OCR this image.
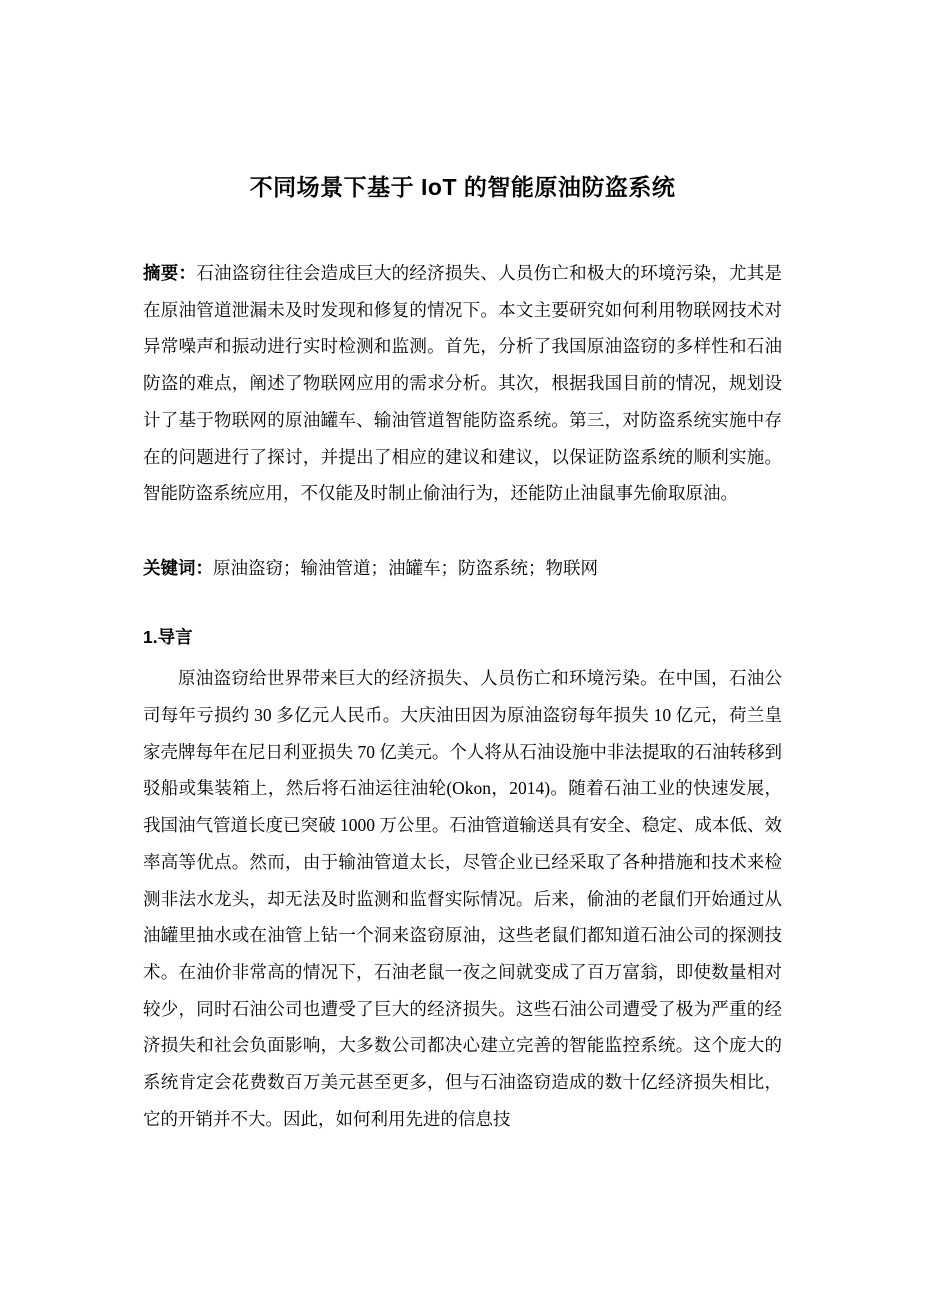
不同场景下基于 IoT 的智能原油防盗系统

摘要：石油盗窃往往会造成巨大的经济损失、人员伤亡和极大的环境污染，尤其是在原油管道泄漏未及时发现和修复的情况下。本文主要研究如何利用物联网技术对异常噪声和振动进行实时检测和监测。首先，分析了我国原油盗窃的多样性和石油防盗的难点，阐述了物联网应用的需求分析。其次，根据我国目前的情况，规划设计了基于物联网的原油罐车、输油管道智能防盗系统。第三，对防盗系统实施中存在的问题进行了探讨，并提出了相应的建议和建议，以保证防盗系统的顺利实施。智能防盗系统应用，不仅能及时制止偷油行为，还能防止油鼠事先偷取原油。

关键词：原油盗窃；输油管道；油罐车；防盗系统；物联网

1.导言

原油盗窃给世界带来巨大的经济损失、人员伤亡和环境污染。在中国，石油公司每年亏损约 30 多亿元人民币。大庆油田因为原油盗窃每年损失 10 亿元，荷兰皇家壳牌每年在尼日利亚损失 70 亿美元。个人将从石油设施中非法提取的石油转移到驳船或集装箱上，然后将石油运往油轮(Okon，2014)。随着石油工业的快速发展，我国油气管道长度已突破 1000 万公里。石油管道输送具有安全、稳定、成本低、效率高等优点。然而，由于输油管道太长，尽管企业已经采取了各种措施和技术来检测非法水龙头，却无法及时监测和监督实际情况。后来，偷油的老鼠们开始通过从油罐里抽水或在油管上钻一个洞来盗窃原油，这些老鼠们都知道石油公司的探测技术。在油价非常高的情况下，石油老鼠一夜之间就变成了百万富翁，即使数量相对较少，同时石油公司也遭受了巨大的经济损失。这些石油公司遭受了极为严重的经济损失和社会负面影响，大多数公司都决心建立完善的智能监控系统。这个庞大的系统肯定会花费数百万美元甚至更多，但与石油盗窃造成的数十亿经济损失相比，它的开销并不大。因此，如何利用先进的信息技
